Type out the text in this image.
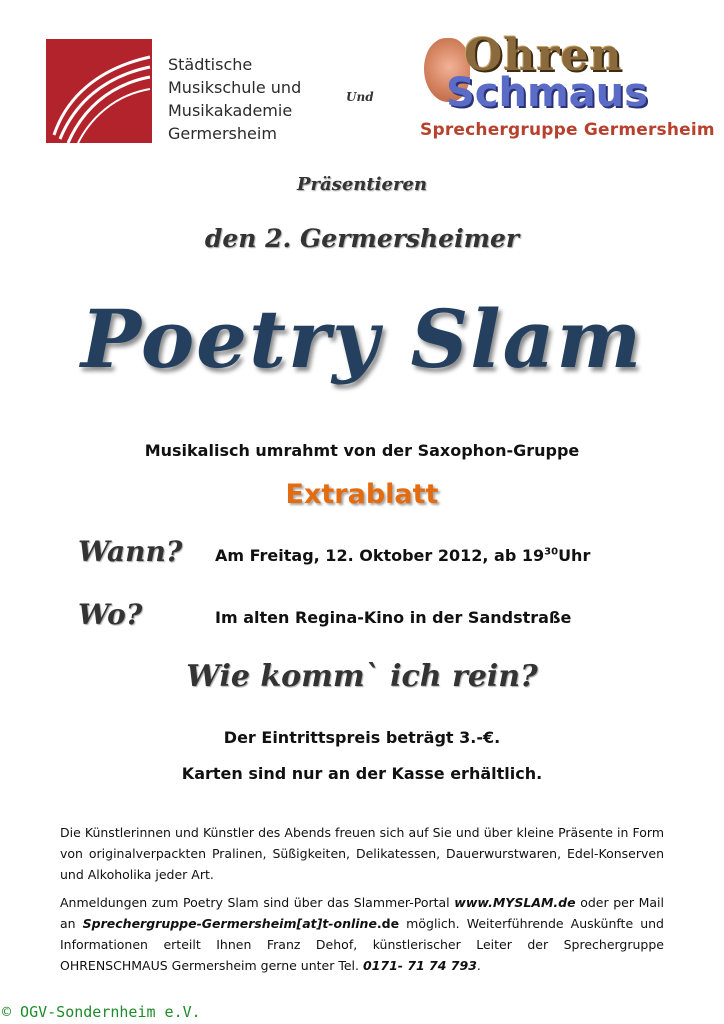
Städtische
Musikschule und
Musikakademie
Germersheim
Und
Ohren
Schmaus
Sprechergruppe Germersheim
Präsentieren
den 2. Germersheimer
Poetry Slam
Musikalisch umrahmt von der Saxophon-Gruppe
Extrablatt
Wann? Am Freitag, 12. Oktober 2012, ab $19^{30}Uhr$
Wo?	Im alten Regina-Kino in der Sandstraße
Wie komm` ich rein?
Der Eintrittspreis beträgt 3.-€.
Karten sind nur an der Kasse erhältlich.
Die Künstlerinnen und Künstler des Abends freuen sich auf Sie und über kleine Präsente in Form von originalverpackten Pralinen, Süßigkeiten, Delikatessen, Dauerwurstwaren, Edel-Konserven und Alkoholika jeder Art.
Anmeldungen zum Poetry Slam sind über das Slammer-Portal www.MYSLAM.de oder per Mail an Sprechergruppe-Germersheim[at]t-online.de möglich. Weiterführende Auskünfte und Informationen erteilt Ihnen Franz Dehof, künstlerischer Leiter der Sprechergruppe OHRENSCHMAUS Germersheim gerne unter Tel. 0171- 71 74 793.
© OGV-Sondernheim e.V.
